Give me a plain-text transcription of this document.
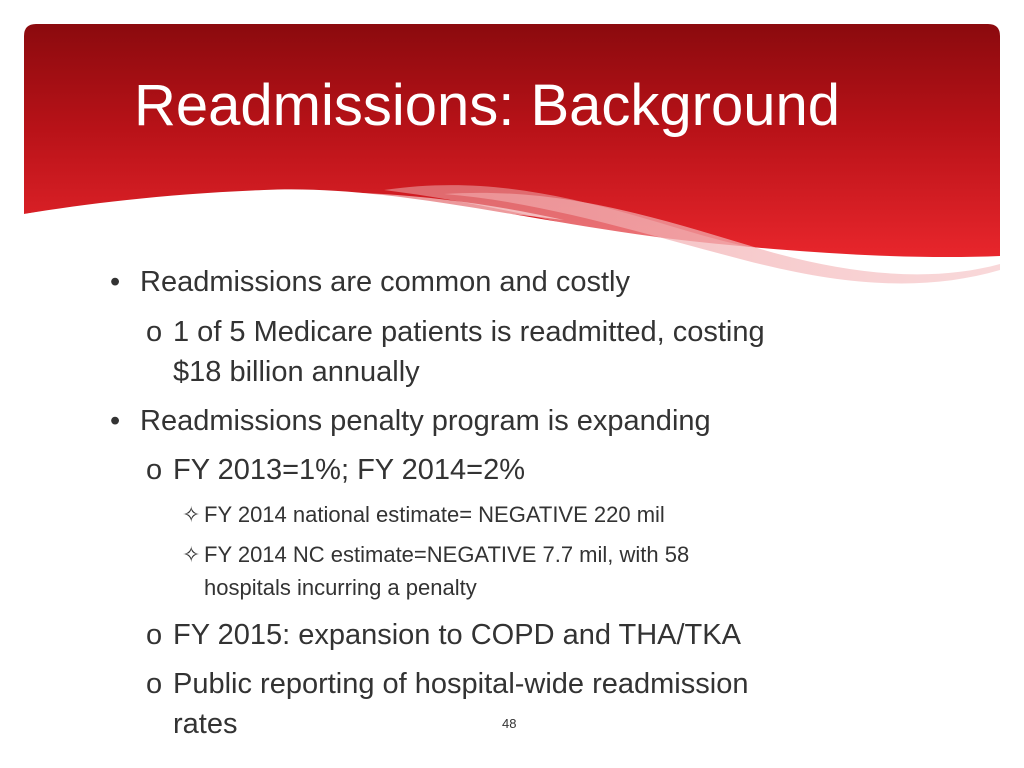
Readmissions: Background
• Readmissions are common and costly
o 1 of 5 Medicare patients is readmitted, costing
$18 billion annually
• Readmissions penalty program is expanding
o FY 2013=1%; FY 2014=2%
✧ FY 2014 national estimate= NEGATIVE 220 mil
✧ FY 2014 NC estimate=NEGATIVE 7.7 mil, with 58
hospitals incurring a penalty
o FY 2015: expansion to COPD and THA/TKA
o Public reporting of hospital-wide readmission
rates	48
